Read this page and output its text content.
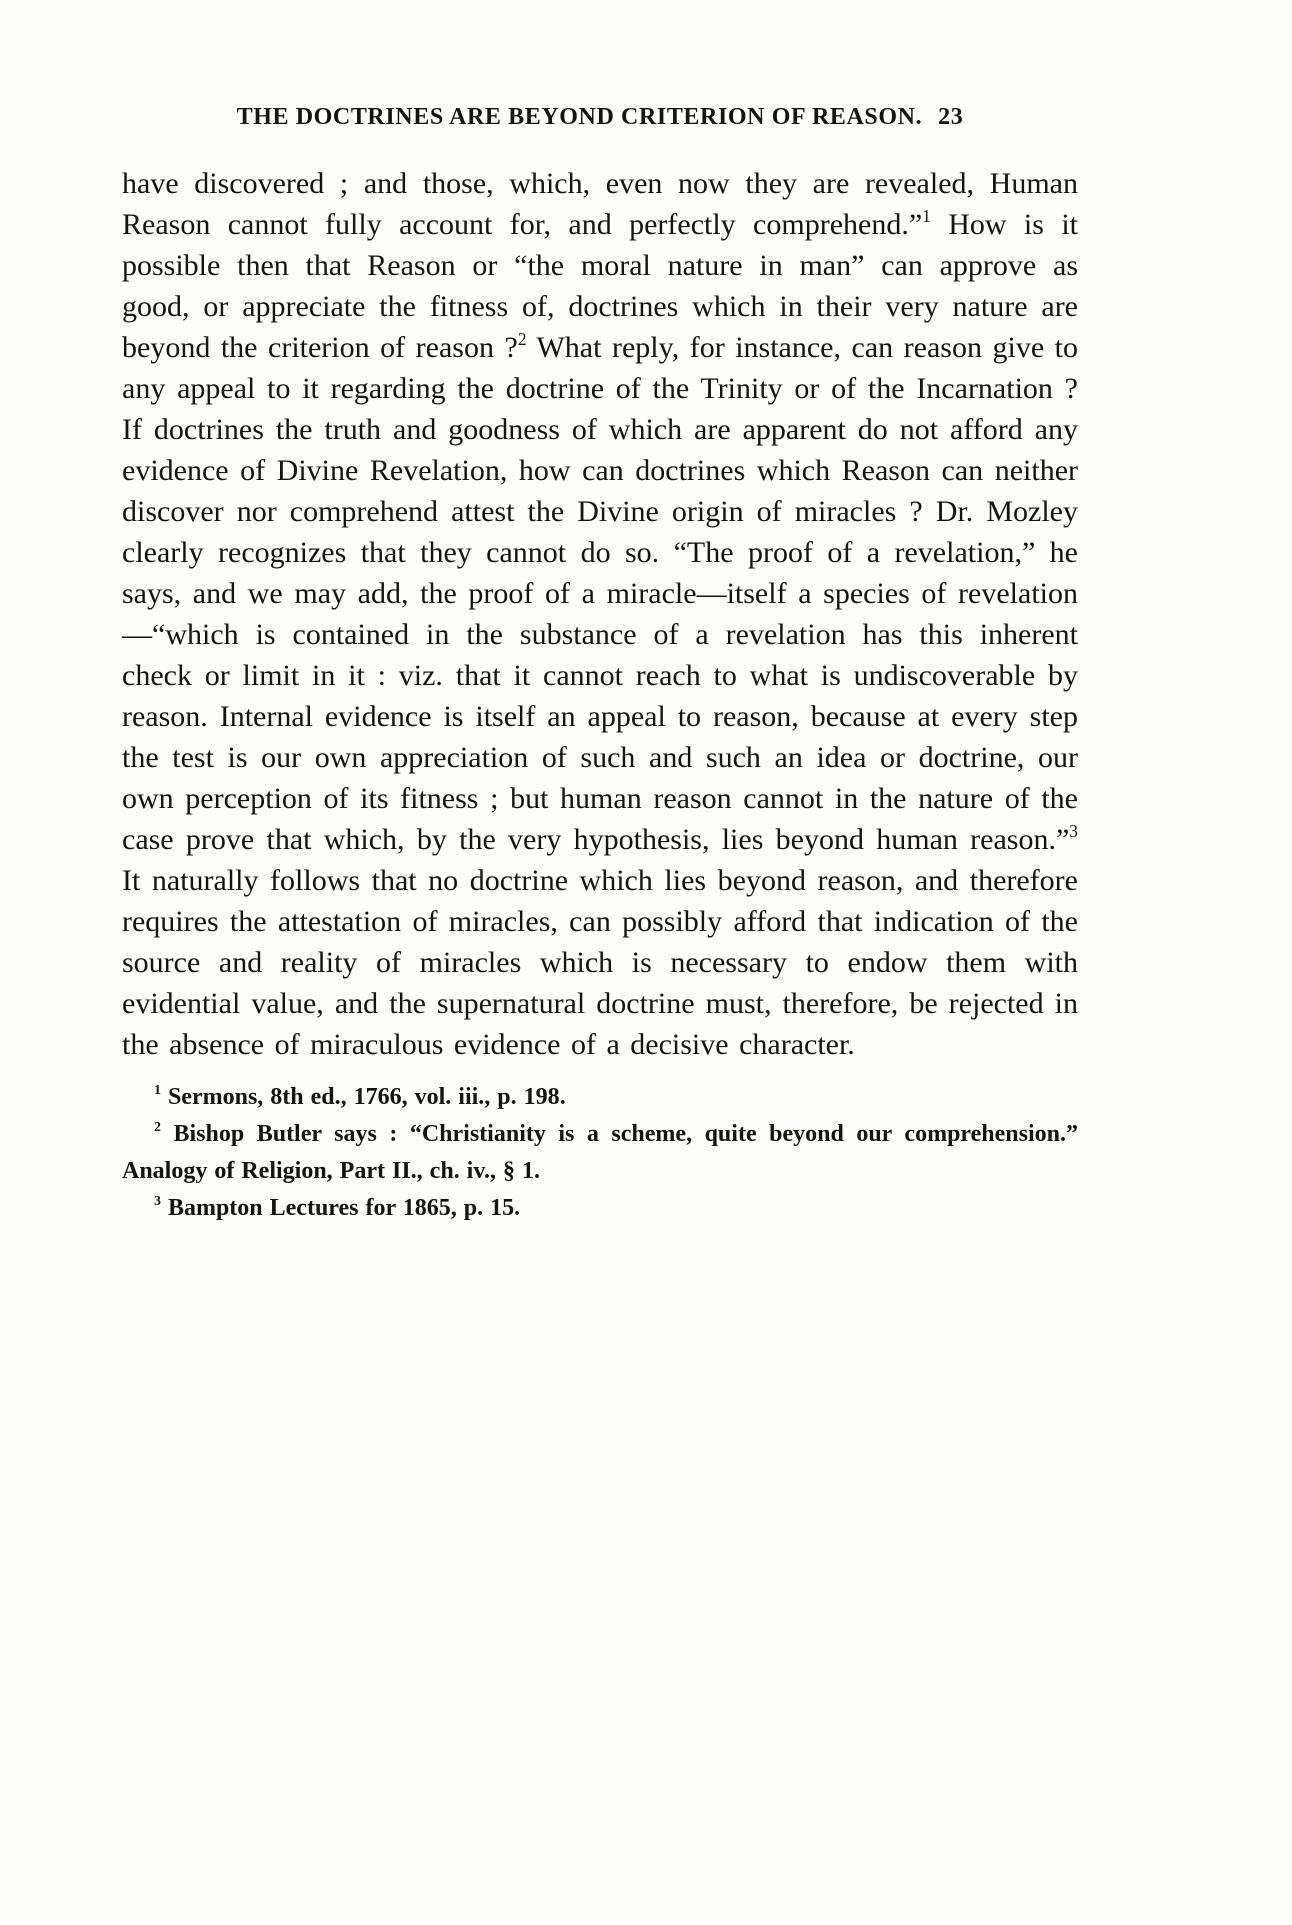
THE DOCTRINES ARE BEYOND CRITERION OF REASON. 23
have discovered ; and those, which, even now they are revealed, Human Reason cannot fully account for, and perfectly comprehend.”$^1$ How is it possible then that Reason or “the moral nature in man” can approve as good, or appreciate the fitness of, doctrines which in their very nature are beyond the criterion of reason ?$^2$ What reply, for instance, can reason give to any appeal to it regarding the doctrine of the Trinity or of the Incarnation ? If doctrines the truth and goodness of which are apparent do not afford any evidence of Divine Revelation, how can doctrines which Reason can neither discover nor comprehend attest the Divine origin of miracles ? Dr. Mozley clearly recognizes that they cannot do so. “The proof of a revelation,” he says, and we may add, the proof of a miracle—itself a species of revelation—“which is contained in the substance of a revelation has this inherent check or limit in it : viz. that it cannot reach to what is undiscoverable by reason. Internal evidence is itself an appeal to reason, because at every step the test is our own appreciation of such and such an idea or doctrine, our own perception of its fitness ; but human reason cannot in the nature of the case prove that which, by the very hypothesis, lies beyond human reason.”$^3$ It naturally follows that no doctrine which lies beyond reason, and therefore requires the attestation of miracles, can possibly afford that indication of the source and reality of miracles which is necessary to endow them with evidential value, and the supernatural doctrine must, therefore, be rejected in the absence of miraculous evidence of a decisive character.

$^1$ Sermons, 8th ed., 1766, vol. iii., p. 198.

$^2$ Bishop Butler says : “Christianity is a scheme, quite beyond our comprehension.” Analogy of Religion, Part II., ch. iv., § 1.

$^3$ Bampton Lectures for 1865, p. 15.
